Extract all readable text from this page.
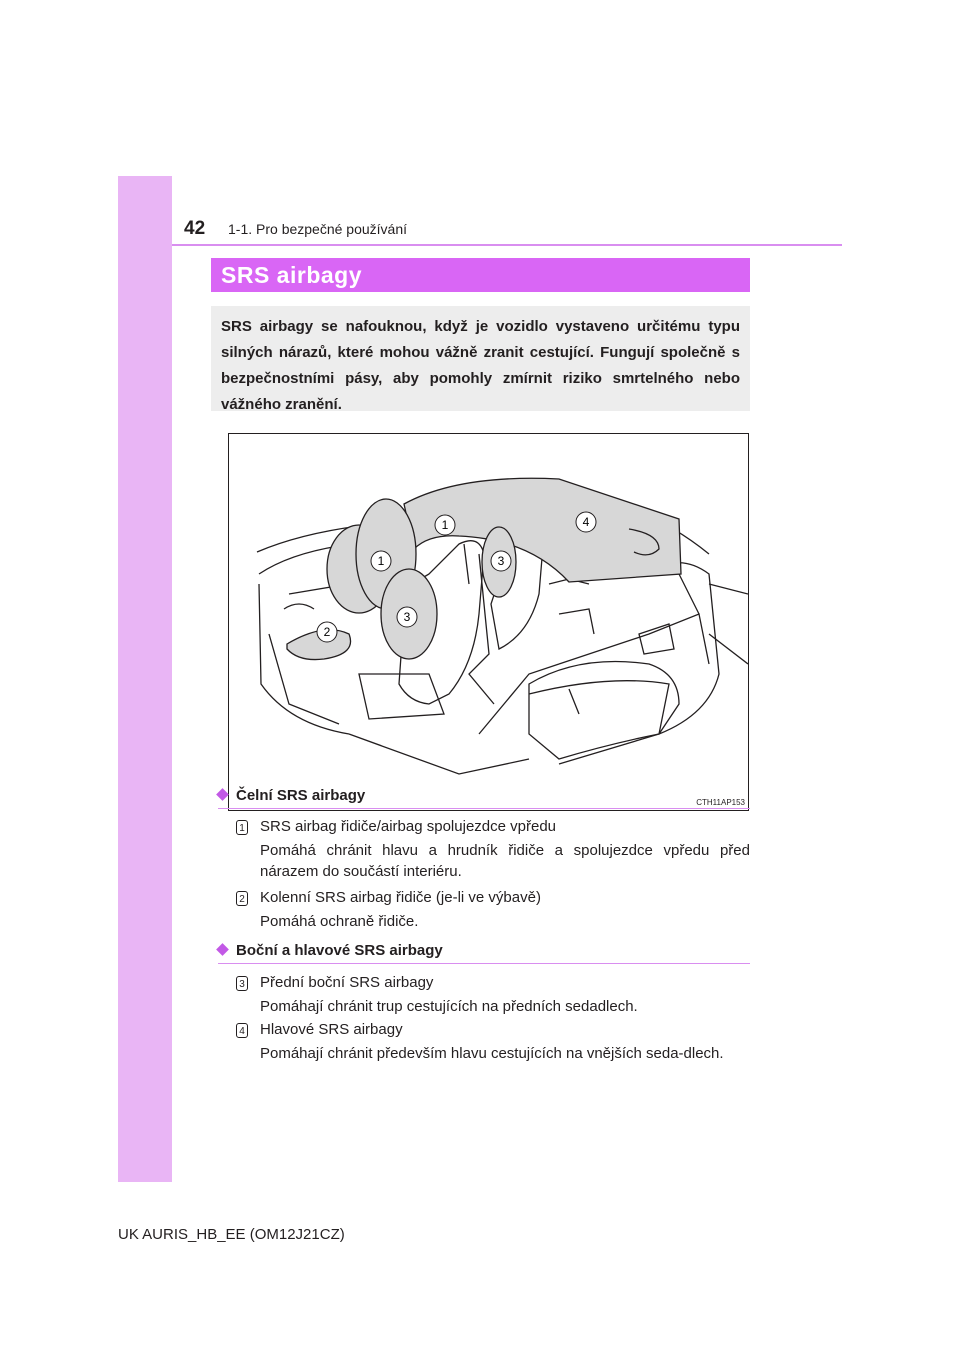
42 1-1. Pro bezpečné používání
SRS airbagy
SRS airbagy se nafouknou, když je vozidlo vystaveno určitému typu silných nárazů, které mohou vážně zranit cestující. Fungují společně s bezpečnostními pásy, aby pomohly zmírnit riziko smrtelného nebo vážného zranění.
1
1
4
3
3
2
CTH11AP153
Čelní SRS airbagy
1 SRS airbag řidiče/airbag spolujezdce vpředu
Pomáhá chránit hlavu a hrudník řidiče a spolujezdce vpředu před nárazem do součástí interiéru.
2 Kolenní SRS airbag řidiče (je-li ve výbavě)
Pomáhá ochraně řidiče.
Boční a hlavové SRS airbagy
3 Přední boční SRS airbagy
Pomáhají chránit trup cestujících na předních sedadlech.
4 Hlavové SRS airbagy
Pomáhají chránit především hlavu cestujících na vnějších seda-dlech.
UK AURIS_HB_EE (OM12J21CZ)
